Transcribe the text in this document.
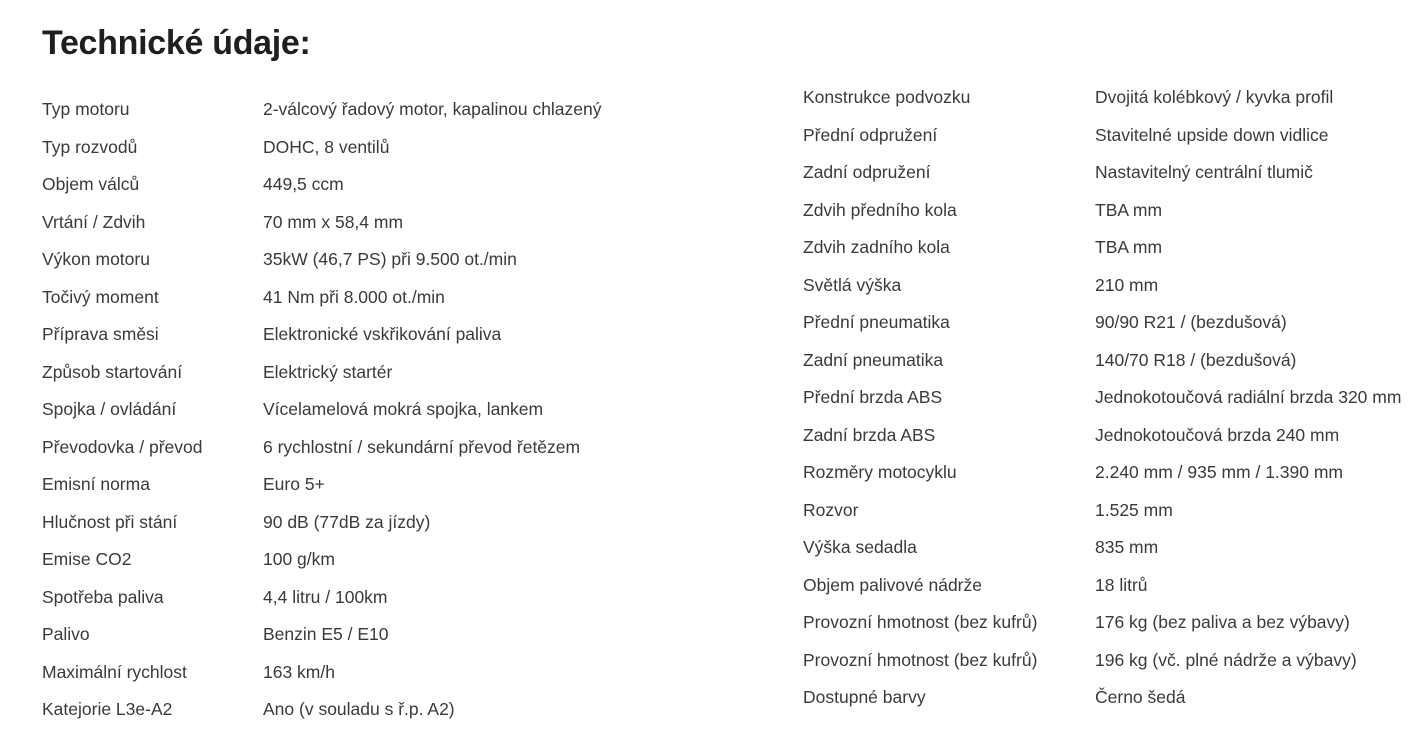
Technické údaje:
Typ motoru	2-válcový řadový motor, kapalinou chlazený
Typ rozvodů	DOHC, 8 ventilů
Objem válců	449,5 ccm
Vrtání / Zdvih	70 mm x 58,4 mm
Výkon motoru	35kW (46,7 PS) při 9.500 ot./min
Točivý moment	41 Nm při 8.000 ot./min
Příprava směsi	Elektronické vskřikování paliva
Způsob startování	Elektrický startér
Spojka / ovládání	Vícelamelová mokrá spojka, lankem
Převodovka / převod	6 rychlostní / sekundární převod řetězem
Emisní norma	Euro 5+
Hlučnost při stání	90 dB (77dB za jízdy)
Emise CO2	100 g/km
Spotřeba paliva	4,4 litru / 100km
Palivo	Benzin E5 / E10
Maximální rychlost	163 km/h
Katejorie L3e-A2	Ano (v souladu s ř.p. A2)
Konstrukce podvozku	Dvojitá kolébkový / kyvka profil
Přední odpružení	Stavitelné upside down vidlice
Zadní odpružení	Nastavitelný centrální tlumič
Zdvih předního kola	TBA mm
Zdvih zadního kola	TBA mm
Světlá výška	210 mm
Přední pneumatika	90/90 R21 / (bezdušová)
Zadní pneumatika	140/70 R18 / (bezdušová)
Přední brzda ABS	Jednokotoučová radiální brzda 320 mm
Zadní brzda ABS	Jednokotoučová brzda 240 mm
Rozměry motocyklu	2.240 mm / 935 mm / 1.390 mm
Rozvor	1.525 mm
Výška sedadla	835 mm
Objem palivové nádrže	18 litrů
Provozní hmotnost (bez kufrů)	176 kg (bez paliva a bez výbavy)
Provozní hmotnost (bez kufrů)	196 kg (vč. plné nádrže a výbavy)
Dostupné barvy	Černo šedá
